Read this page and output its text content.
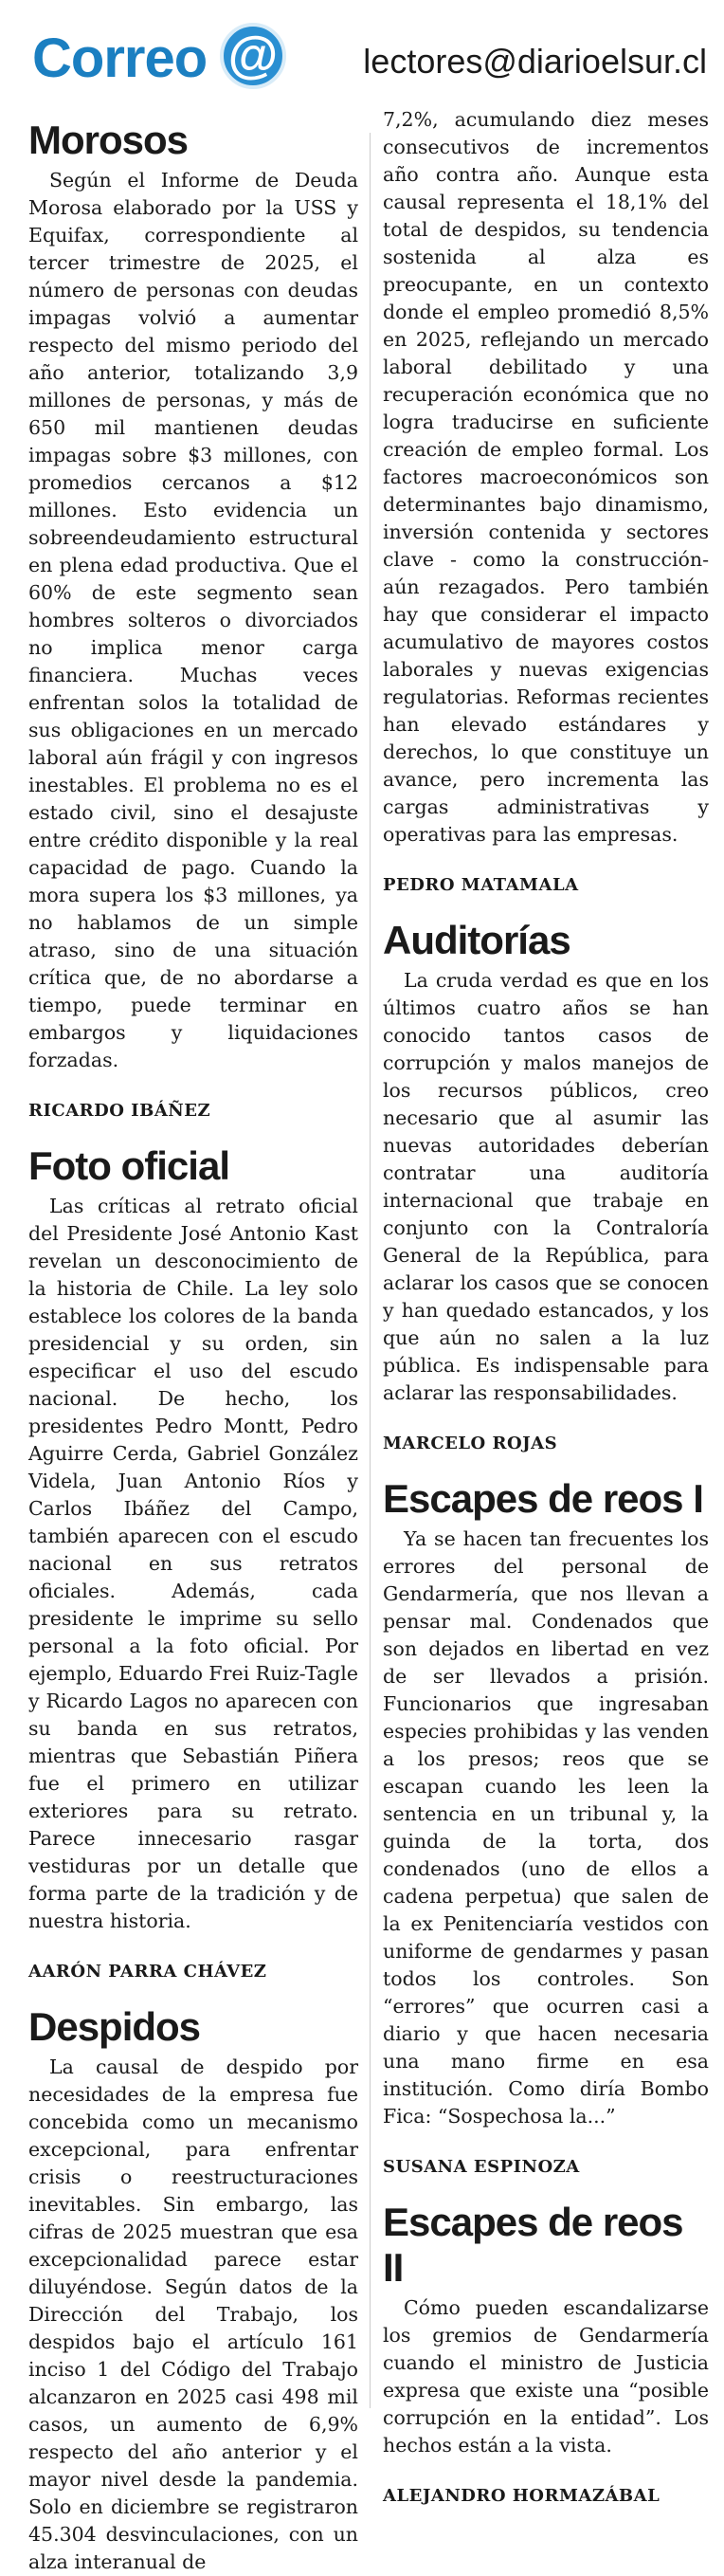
Correo @ lectores@diarioelsur.cl
Morosos

Según el Informe de Deuda Morosa elaborado por la USS y Equifax, correspondiente al tercer trimestre de 2025, el número de personas con deudas impagas volvió a aumentar respecto del mismo periodo del año anterior, totalizando 3,9 millones de personas, y más de 650 mil mantienen deudas impagas sobre $3 millones, con promedios cercanos a $12 millones. Esto evidencia un sobreendeudamiento estructural en plena edad productiva. Que el 60% de este segmento sean hombres solteros o divorciados no implica menor carga financiera. Muchas veces enfrentan solos la totalidad de sus obligaciones en un mercado laboral aún frágil y con ingresos inestables. El problema no es el estado civil, sino el desajuste entre crédito disponible y la real capacidad de pago. Cuando la mora supera los $3 millones, ya no hablamos de un simple atraso, sino de una situación crítica que, de no abordarse a tiempo, puede terminar en embargos y liquidaciones forzadas.

RICARDO IBÁÑEZ
Foto oficial

Las críticas al retrato oficial del Presidente José Antonio Kast revelan un desconocimiento de la historia de Chile. La ley solo establece los colores de la banda presidencial y su orden, sin especificar el uso del escudo nacional. De hecho, los presidentes Pedro Montt, Pedro Aguirre Cerda, Gabriel González Videla, Juan Antonio Ríos y Carlos Ibáñez del Campo, también aparecen con el escudo nacional en sus retratos oficiales. Además, cada presidente le imprime su sello personal a la foto oficial. Por ejemplo, Eduardo Frei Ruiz-Tagle y Ricardo Lagos no aparecen con su banda en sus retratos, mientras que Sebastián Piñera fue el primero en utilizar exteriores para su retrato. Parece innecesario rasgar vestiduras por un detalle que forma parte de la tradición y de nuestra historia.

AARÓN PARRA CHÁVEZ
Despidos

La causal de despido por necesidades de la empresa fue concebida como un mecanismo excepcional, para enfrentar crisis o reestructuraciones inevitables. Sin embargo, las cifras de 2025 muestran que esa excepcionalidad parece estar diluyéndose. Según datos de la Dirección del Trabajo, los despidos bajo el artículo 161 inciso 1 del Código del Trabajo alcanzaron en 2025 casi 498 mil casos, un aumento de 6,9% respecto del año anterior y el mayor nivel desde la pandemia. Solo en diciembre se registraron 45.304 desvinculaciones, con un alza interanual de

7,2%, acumulando diez meses consecutivos de incrementos año contra año. Aunque esta causal representa el 18,1% del total de despidos, su tendencia sostenida al alza es preocupante, en un contexto donde el empleo promedió 8,5% en 2025, reflejando un mercado laboral debilitado y una recuperación económica que no logra traducirse en suficiente creación de empleo formal. Los factores macroeconómicos son determinantes bajo dinamismo, inversión contenida y sectores clave - como la construcción- aún rezagados. Pero también hay que considerar el impacto acumulativo de mayores costos laborales y nuevas exigencias regulatorias. Reformas recientes han elevado estándares y derechos, lo que constituye un avance, pero incrementa las cargas administrativas y operativas para las empresas.

PEDRO MATAMALA
Auditorías

La cruda verdad es que en los últimos cuatro años se han conocido tantos casos de corrupción y malos manejos de los recursos públicos, creo necesario que al asumir las nuevas autoridades deberían contratar una auditoría internacional que trabaje en conjunto con la Contraloría General de la República, para aclarar los casos que se conocen y han quedado estancados, y los que aún no salen a la luz pública. Es indispensable para aclarar las responsabilidades.

MARCELO ROJAS
Escapes de reos I

Ya se hacen tan frecuentes los errores del personal de Gendarmería, que nos llevan a pensar mal. Condenados que son dejados en libertad en vez de ser llevados a prisión. Funcionarios que ingresaban especies prohibidas y las venden a los presos; reos que se escapan cuando les leen la sentencia en un tribunal y, la guinda de la torta, dos condenados (uno de ellos a cadena perpetua) que salen de la ex Penitenciaría vestidos con uniforme de gendarmes y pasan todos los controles. Son “errores” que ocurren casi a diario y que hacen necesaria una mano firme en esa institución. Como diría Bombo Fica: “Sospechosa la...”

SUSANA ESPINOZA
Escapes de reos II

Cómo pueden escandalizarse los gremios de Gendarmería cuando el ministro de Justicia expresa que existe una “posible corrupción en la entidad”. Los hechos están a la vista.

ALEJANDRO HORMAZÁBAL
